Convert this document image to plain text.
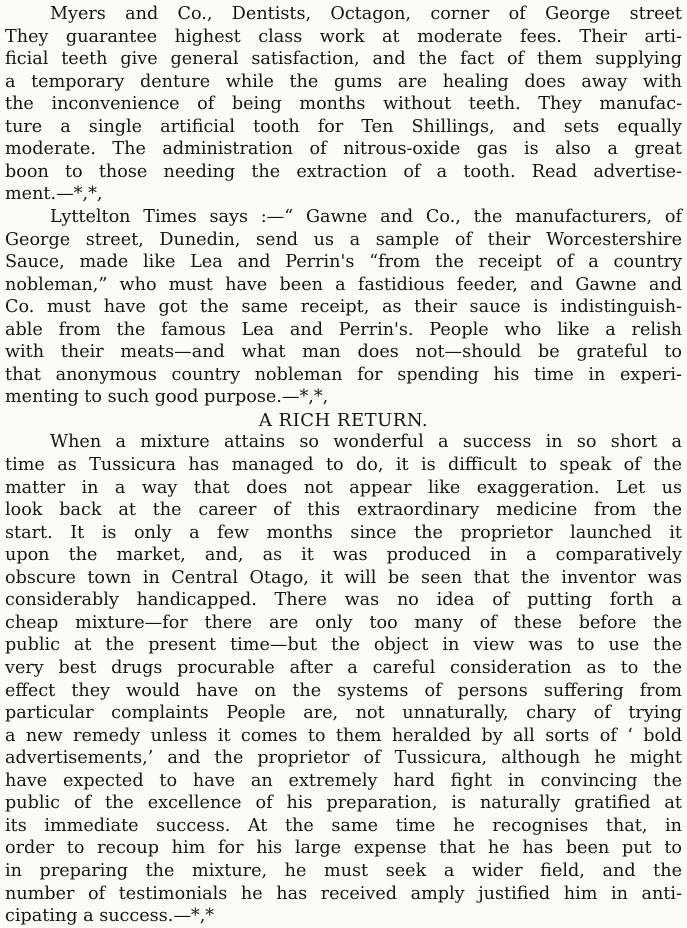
Myers and Co., Dentists, Octagon, corner of George street
They guarantee highest class work at moderate fees. Their arti-
ficial teeth give general satisfaction, and the fact of them supplying
a temporary denture while the gums are healing does away with
the inconvenience of being months without teeth. They manufac-
ture a single artificial tooth for Ten Shillings, and sets equally
moderate. The administration of nitrous-oxide gas is also a great
boon to those needing the extraction of a tooth. Read advertise-
ment.—*,*,
Lyttelton Times says :—“ Gawne and Co., the manufacturers, of
George street, Dunedin, send us a sample of their Worcestershire
Sauce, made like Lea and Perrin's “from the receipt of a country
nobleman,” who must have been a fastidious feeder, and Gawne and
Co. must have got the same receipt, as their sauce is indistinguish-
able from the famous Lea and Perrin's. People who like a relish
with their meats—and what man does not—should be grateful to
that anonymous country nobleman for spending his time in experi-
menting to such good purpose.—*,*,
A RICH RETURN.
When a mixture attains so wonderful a success in so short a
time as Tussicura has managed to do, it is difficult to speak of the
matter in a way that does not appear like exaggeration. Let us
look back at the career of this extraordinary medicine from the
start. It is only a few months since the proprietor launched it
upon the market, and, as it was produced in a comparatively
obscure town in Central Otago, it will be seen that the inventor was
considerably handicapped. There was no idea of putting forth a
cheap mixture—for there are only too many of these before the
public at the present time—but the object in view was to use the
very best drugs procurable after a careful consideration as to the
effect they would have on the systems of persons suffering from
particular complaints People are, not unnaturally, chary of trying
a new remedy unless it comes to them heralded by all sorts of ‘ bold
advertisements,’ and the proprietor of Tussicura, although he might
have expected to have an extremely hard fight in convincing the
public of the excellence of his preparation, is naturally gratified at
its immediate success. At the same time he recognises that, in
order to recoup him for his large expense that he has been put to
in preparing the mixture, he must seek a wider field, and the
number of testimonials he has received amply justified him in anti-
cipating a success.—*,*
